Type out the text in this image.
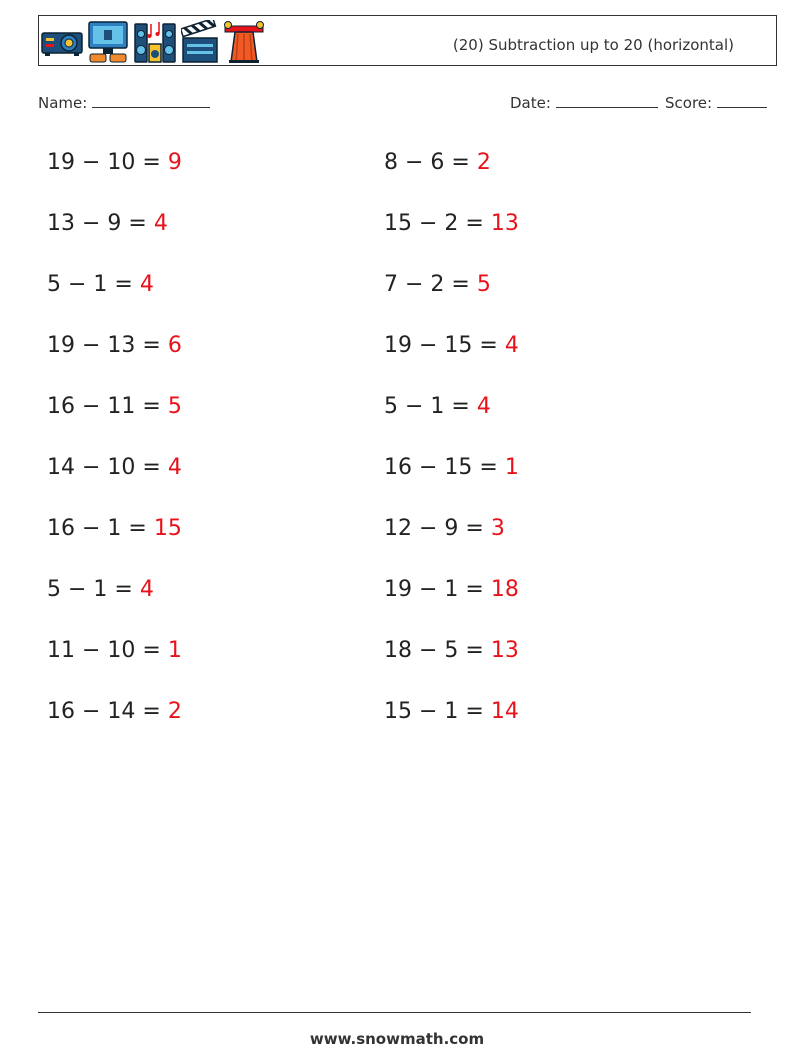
(20) Subtraction up to 20 (horizontal)
Name:	Date:	Score:
19 − 10 = 9
13 − 9 = 4
5 − 1 = 4
19 − 13 = 6
16 − 11 = 5
14 − 10 = 4
16 − 1 = 15
5 − 1 = 4
11 − 10 = 1
16 − 14 = 2
8 − 6 = 2
15 − 2 = 13
7 − 2 = 5
19 − 15 = 4
5 − 1 = 4
16 − 15 = 1
12 − 9 = 3
19 − 1 = 18
18 − 5 = 13
15 − 1 = 14
www.snowmath.com
